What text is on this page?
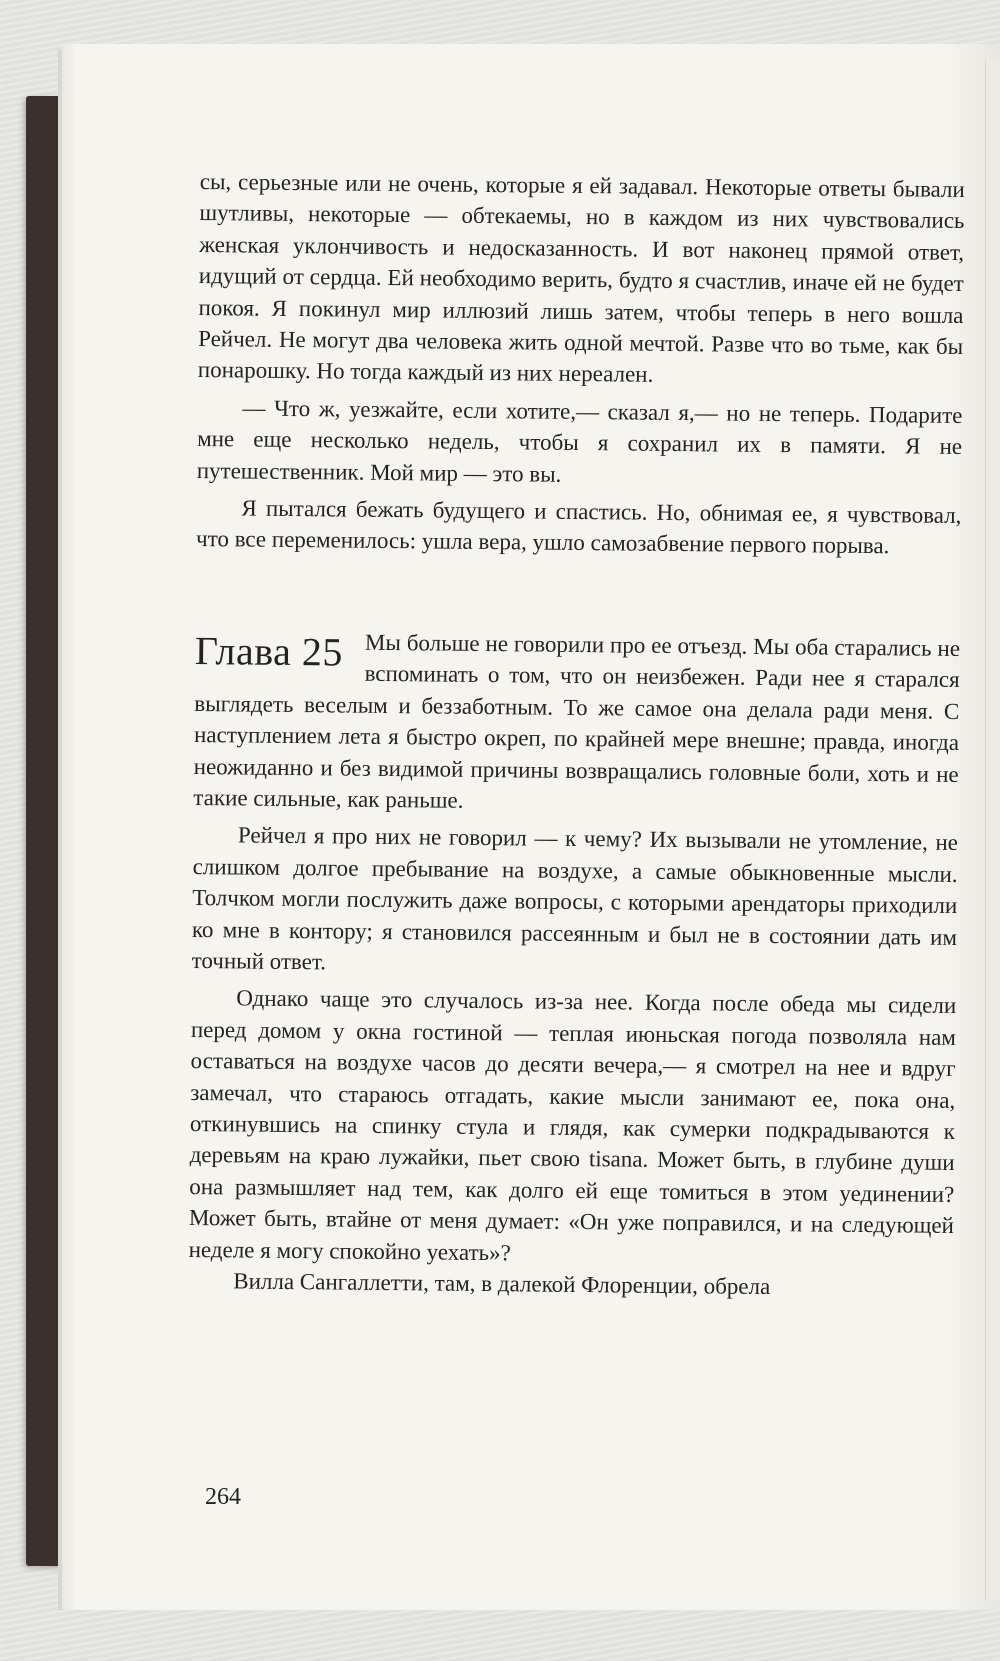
сы, серьезные или не очень, которые я ей задавал. Некоторые ответы бывали шутливы, некоторые — обтекаемы, но в каждом из них чувствовались женская уклончивость и недосказанность. И вот наконец прямой ответ, идущий от сердца. Ей необходимо верить, будто я счастлив, иначе ей не будет покоя. Я покинул мир иллюзий лишь затем, чтобы теперь в него вошла Рейчел. Не могут два человека жить одной мечтой. Разве что во тьме, как бы понарошку. Но тогда каждый из них нереален.

— Что ж, уезжайте, если хотите,— сказал я,— но не теперь. Подарите мне еще несколько недель, чтобы я сохранил их в памяти. Я не путешественник. Мой мир — это вы.

Я пытался бежать будущего и спастись. Но, обнимая ее, я чувствовал, что все переменилось: ушла вера, ушло самозабвение первого порыва.

Глава 25 Мы больше не говорили про ее отъезд. Мы оба старались не вспоминать о том, что он неизбежен. Ради нее я старался выглядеть веселым и беззаботным. То же самое она делала ради меня. С наступлением лета я быстро окреп, по крайней мере внешне; правда, иногда неожиданно и без видимой причины возвращались головные боли, хоть и не такие сильные, как раньше.

Рейчел я про них не говорил — к чему? Их вызывали не утомление, не слишком долгое пребывание на воздухе, а самые обыкновенные мысли. Толчком могли послужить даже вопросы, с которыми арендаторы приходили ко мне в контору; я становился рассеянным и был не в состоянии дать им точный ответ.

Однако чаще это случалось из-за нее. Когда после обеда мы сидели перед домом у окна гостиной — теплая июньская погода позволяла нам оставаться на воздухе часов до десяти вечера,— я смотрел на нее и вдруг замечал, что стараюсь отгадать, какие мысли занимают ее, пока она, откинувшись на спинку стула и глядя, как сумерки подкрадываются к деревьям на краю лужайки, пьет свою tisana. Может быть, в глубине души она размышляет над тем, как долго ей еще томиться в этом уединении? Может быть, втайне от меня думает: «Он уже поправился, и на следующей неделе я могу спокойно уехать»?

Вилла Сангаллетти, там, в далекой Флоренции, обрела

264
